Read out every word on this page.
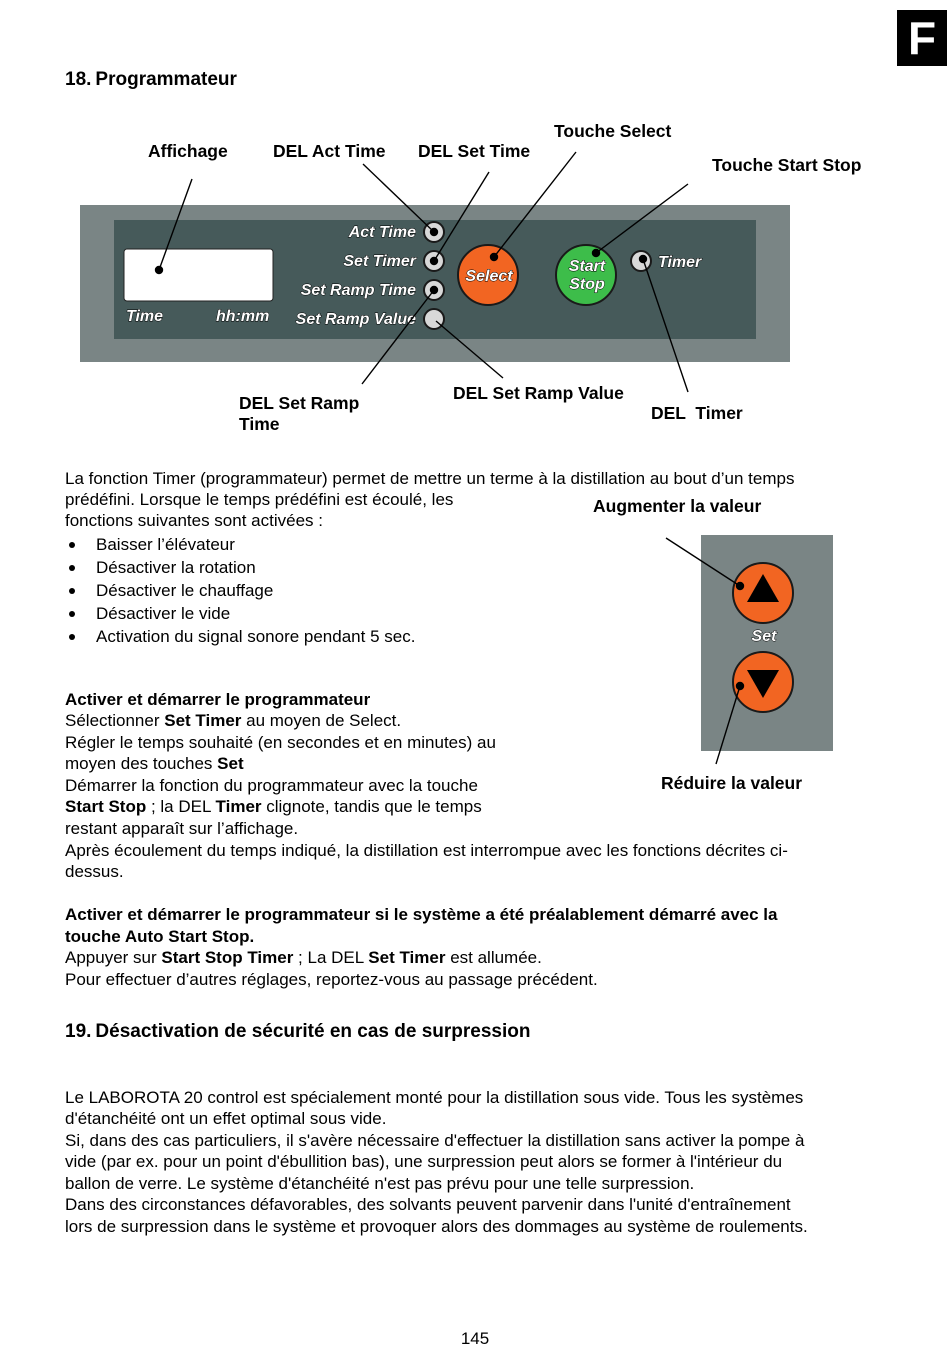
F
18. Programmateur
Affichage	DEL Act Time DEL Set Time
Touche Select
Touche Start Stop
DEL Set Ramp
Time
DEL Set Ramp Value
DEL  Timer
Time	hh:mm
Act Time
Set Timer
Set Ramp Time
Set Ramp Value
Select
Start
Stop
Timer
La fonction Timer (programmateur) permet de mettre un terme à la distillation au bout d’un temps
prédéfini. Lorsque le temps prédéfini est écoulé, les
fonctions suivantes sont activées :
Baisser l’élévateur
Désactiver la rotation
Désactiver le chauffage
Désactiver le vide
Activation du signal sonore pendant 5 sec.
Augmenter la valeur
Réduire la valeur
Set
Activer et démarrer le programmateur
Sélectionner Set Timer au moyen de Select.
Régler le temps souhaité (en secondes et en minutes) au
moyen des touches Set
Démarrer la fonction du programmateur avec la touche
Start Stop ; la DEL Timer clignote, tandis que le temps
restant apparaît sur l’affichage.
Après écoulement du temps indiqué, la distillation est interrompue avec les fonctions décrites ci-
dessus.
Activer et démarrer le programmateur si le système a été préalablement démarré avec la
touche Auto Start Stop.
Appuyer sur Start Stop Timer ; La DEL Set Timer est allumée.
Pour effectuer d’autres réglages, reportez-vous au passage précédent.
19. Désactivation de sécurité en cas de surpression
Le LABOROTA 20 control est spécialement monté pour la distillation sous vide. Tous les systèmes
d'étanchéité ont un effet optimal sous vide.
Si, dans des cas particuliers, il s'avère nécessaire d'effectuer la distillation sans activer la pompe à
vide (par ex. pour un point d'ébullition bas), une surpression peut alors se former à l'intérieur du
ballon de verre. Le système d'étanchéité n'est pas prévu pour une telle surpression.
Dans des circonstances défavorables, des solvants peuvent parvenir dans l'unité d'entraînement
lors de surpression dans le système et provoquer alors des dommages au système de roulements.
145
